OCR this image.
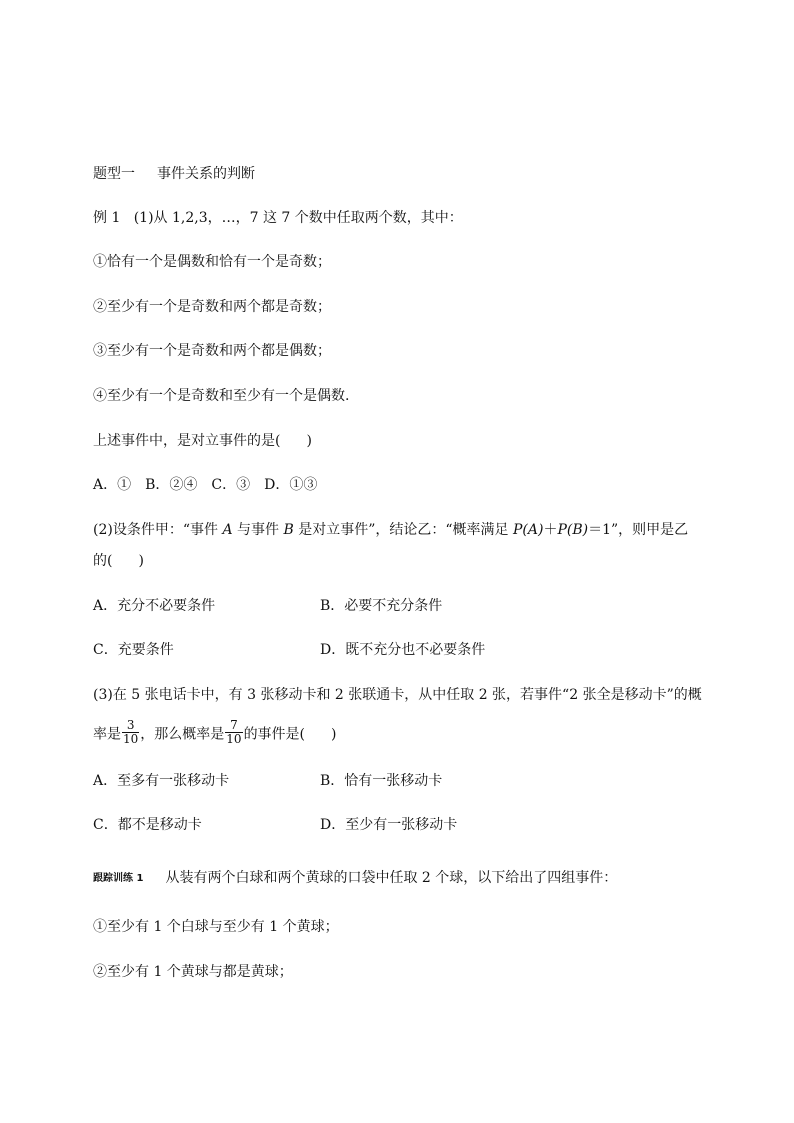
题型一 事件关系的判断
例 1 (1)从 1,2,3，…，7 这 7 个数中任取两个数，其中：
①恰有一个是偶数和恰有一个是奇数；
②至少有一个是奇数和两个都是奇数；
③至少有一个是奇数和两个都是偶数；
④至少有一个是奇数和至少有一个是偶数.
上述事件中，是对立事件的是( )
A．①　B．②④　C．③　D．①③
(2)设条件甲：“事件 A 与事件 B 是对立事件”，结论乙：“概率满足 P(A)＋P(B)＝1”，则甲是乙
的( )
A．充分不必要条件	B．必要不充分条件
C．充要条件	D．既不充分也不必要条件
(3)在 5 张电话卡中，有 3 张移动卡和 2 张联通卡，从中任取 2 张，若事件“2 张全是移动卡”的概
率是 $\frac{3}{10}$ ，那么概率是 $\frac{7}{10}$ 的事件是( )
A．至多有一张移动卡	B．恰有一张移动卡
C．都不是移动卡	D．至少有一张移动卡
跟踪训练 1 从装有两个白球和两个黄球的口袋中任取 2 个球，以下给出了四组事件：
①至少有 1 个白球与至少有 1 个黄球；
②至少有 1 个黄球与都是黄球；
